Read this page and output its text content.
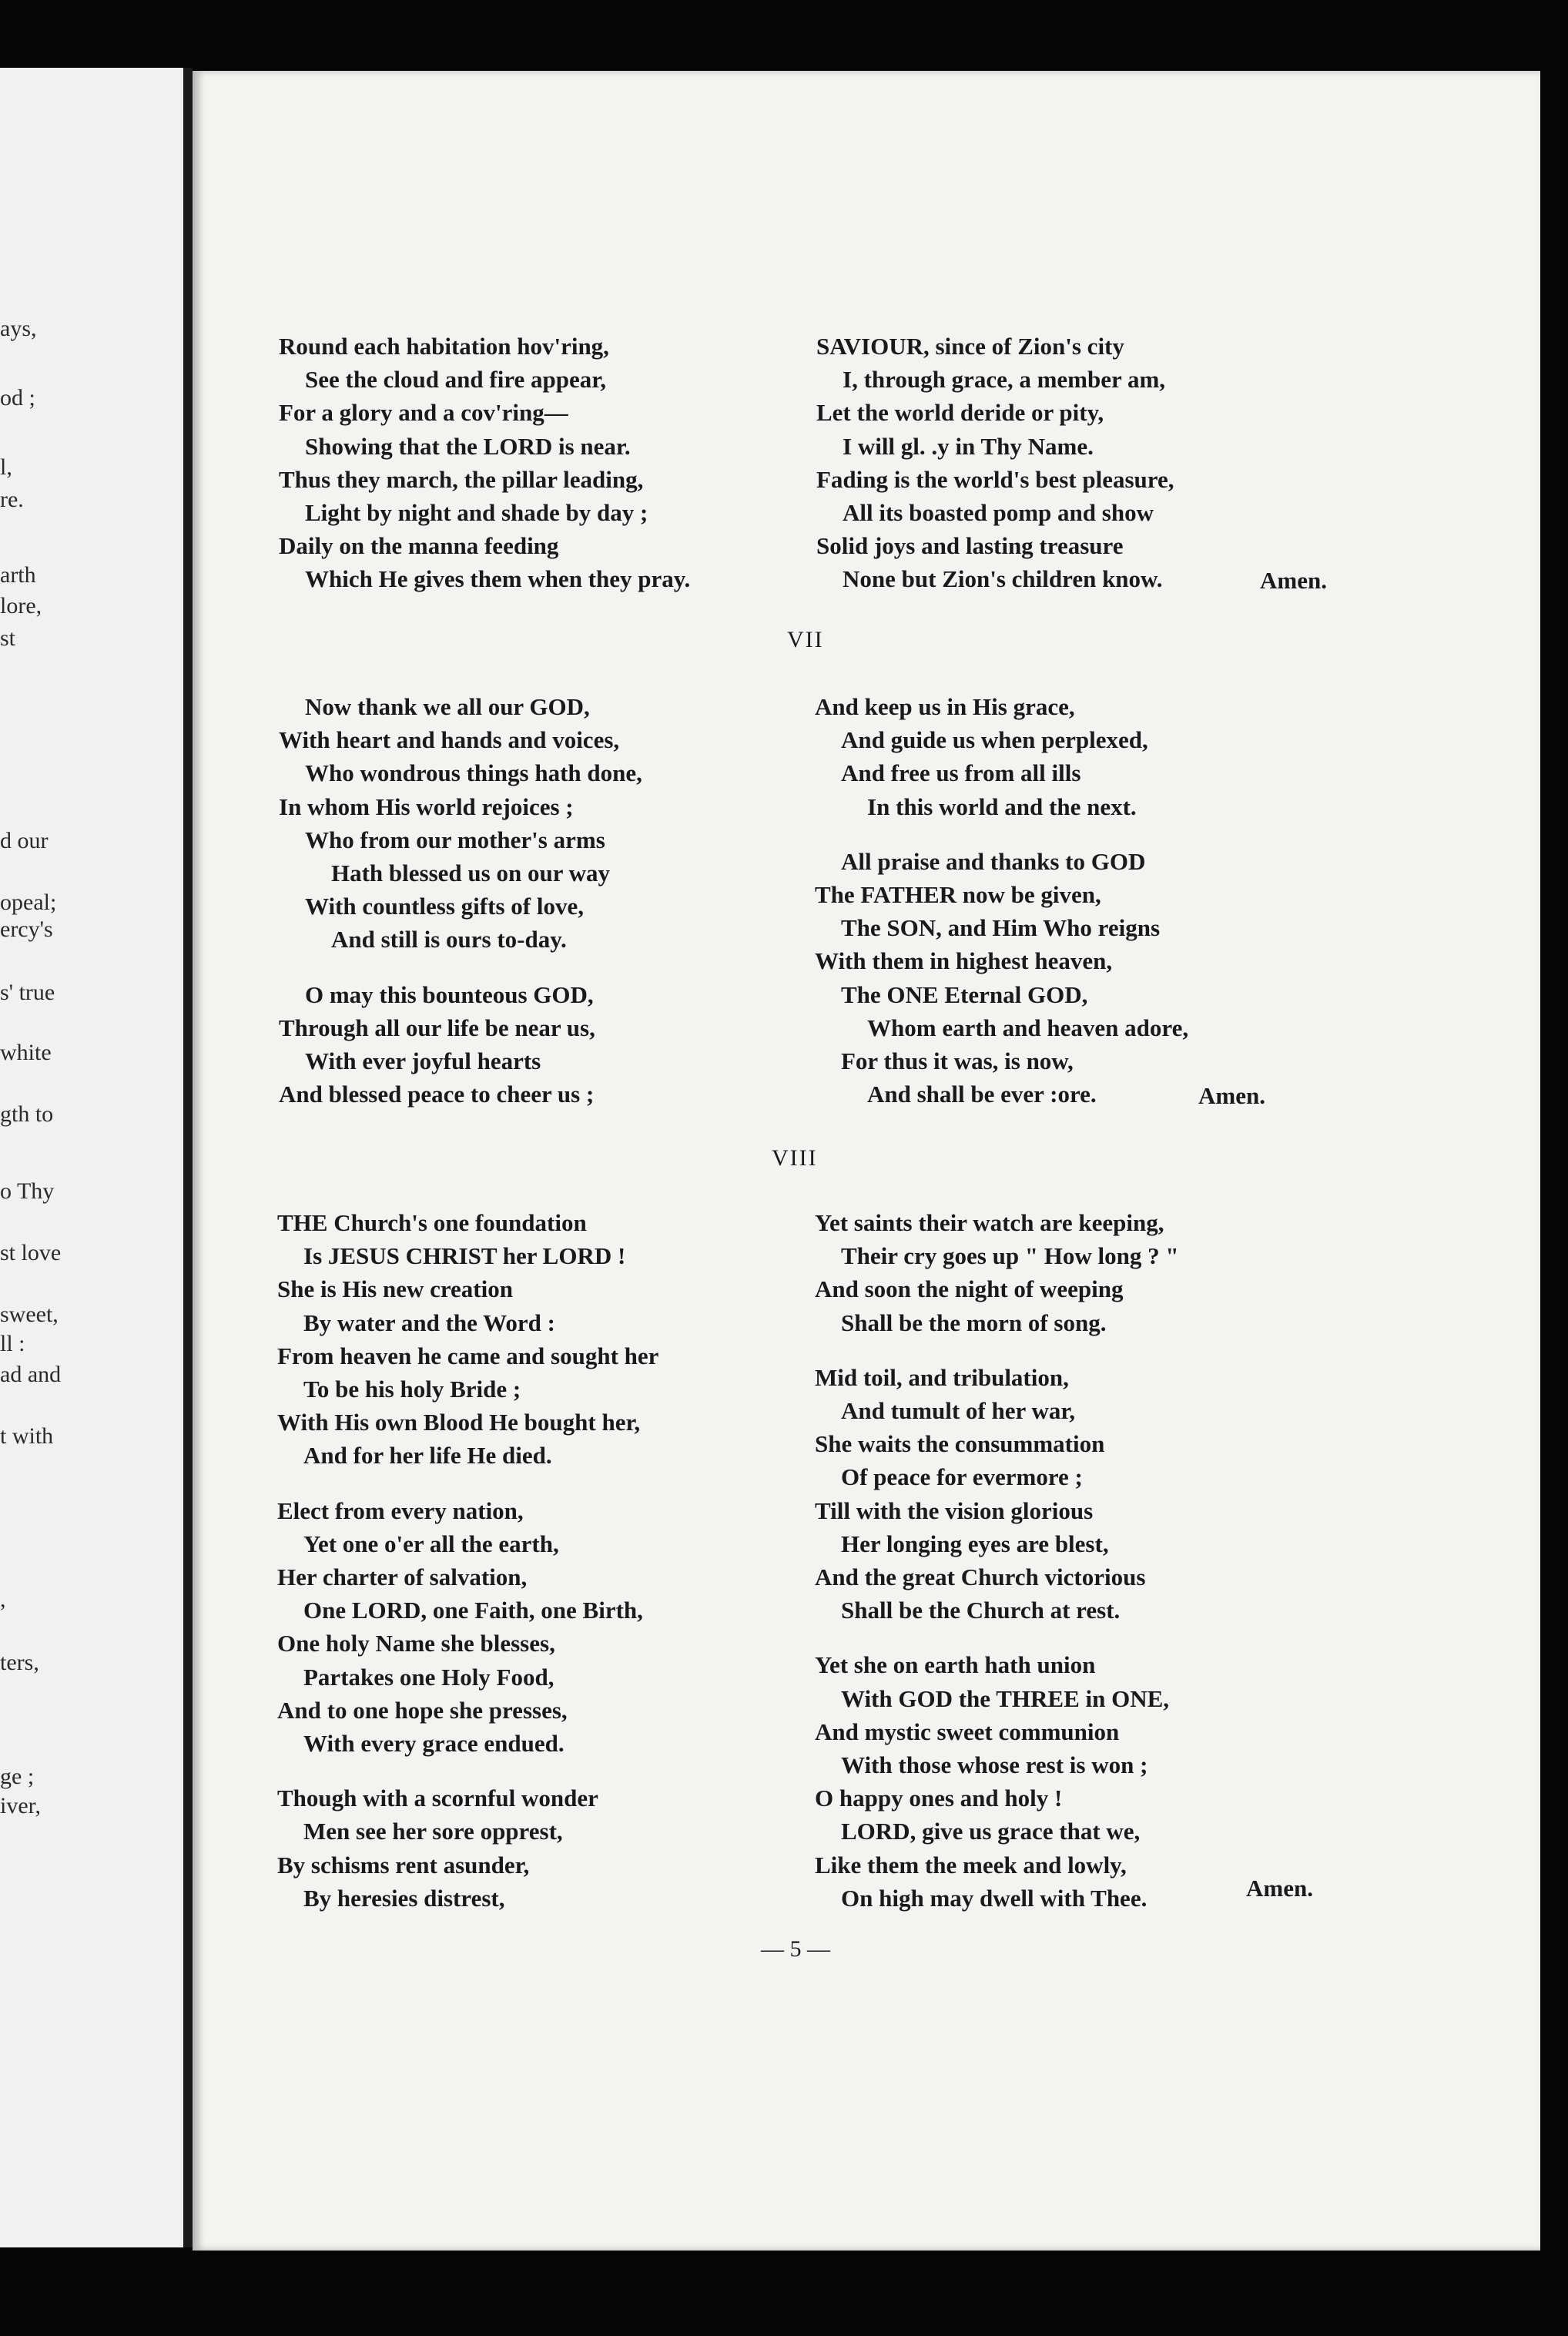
ays,
od ;
l,
re.
arth
lore,
st
d our
opeal;
ercy's
s' true
white
gth to
o Thy
st love
sweet,
ll :
ad and
t with
,
ters,
ge ;
iver,
Round each habitation hov'ring,
See the cloud and fire appear,
For a glory and a cov'ring—
Showing that the LORD is near.
Thus they march, the pillar leading,
Light by night and shade by day ;
Daily on the manna feeding
Which He gives them when they pray.
SAVIOUR, since of Zion's city
I, through grace, a member am,
Let the world deride or pity,
I will gl. .y in Thy Name.
Fading is the world's best pleasure,
All its boasted pomp and show
Solid joys and lasting treasure
None but Zion's children know.	Amen.
VII
Now thank we all our GOD,
With heart and hands and voices,
Who wondrous things hath done,
In whom His world rejoices ;
Who from our mother's arms
Hath blessed us on our way
With countless gifts of love,
And still is ours to-day.
O may this bounteous GOD,
Through all our life be near us,
With ever joyful hearts
And blessed peace to cheer us ;
And keep us in His grace,
And guide us when perplexed,
And free us from all ills
In this world and the next.
All praise and thanks to GOD
The FATHER now be given,
The SON, and Him Who reigns
With them in highest heaven,
The ONE Eternal GOD,
Whom earth and heaven adore,
For thus it was, is now,
And shall be ever :ore.	Amen.
VIII
THE Church's one foundation
Is JESUS CHRIST her LORD !
She is His new creation
By water and the Word :
From heaven he came and sought her
To be his holy Bride ;
With His own Blood He bought her,
And for her life He died.
Elect from every nation,
Yet one o'er all the earth,
Her charter of salvation,
One LORD, one Faith, one Birth,
One holy Name she blesses,
Partakes one Holy Food,
And to one hope she presses,
With every grace endued.
Though with a scornful wonder
Men see her sore opprest,
By schisms rent asunder,
By heresies distrest,
Yet saints their watch are keeping,
Their cry goes up " How long ? "
And soon the night of weeping
Shall be the morn of song.
Mid toil, and tribulation,
And tumult of her war,
She waits the consummation
Of peace for evermore ;
Till with the vision glorious
Her longing eyes are blest,
And the great Church victorious
Shall be the Church at rest.
Yet she on earth hath union
With GOD the THREE in ONE,
And mystic sweet communion
With those whose rest is won ;
O happy ones and holy !
LORD, give us grace that we,
Like them the meek and lowly,
On high may dwell with Thee.	Amen.
— 5 —
